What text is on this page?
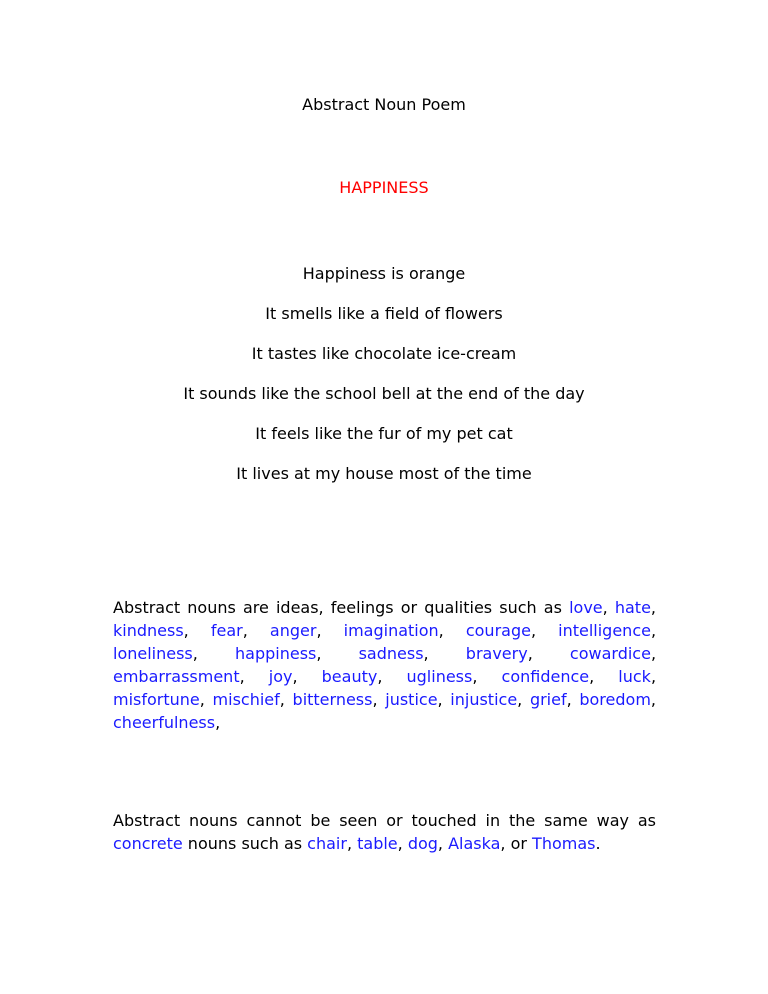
Abstract Noun Poem
HAPPINESS
Happiness is orange
It smells like a field of flowers
It tastes like chocolate ice-cream
It sounds like the school bell at the end of the day
It feels like the fur of my pet cat
It lives at my house most of the time
Abstract nouns are ideas, feelings or qualities such as love, hate, kindness, fear, anger, imagination, courage, intelligence, loneliness, happiness, sadness, bravery, cowardice, embarrassment, joy, beauty, ugliness, confidence, luck, misfortune, mischief, bitterness, justice, injustice, grief, boredom, cheerfulness,
Abstract nouns cannot be seen or touched in the same way as concrete nouns such as chair, table, dog, Alaska, or Thomas.
